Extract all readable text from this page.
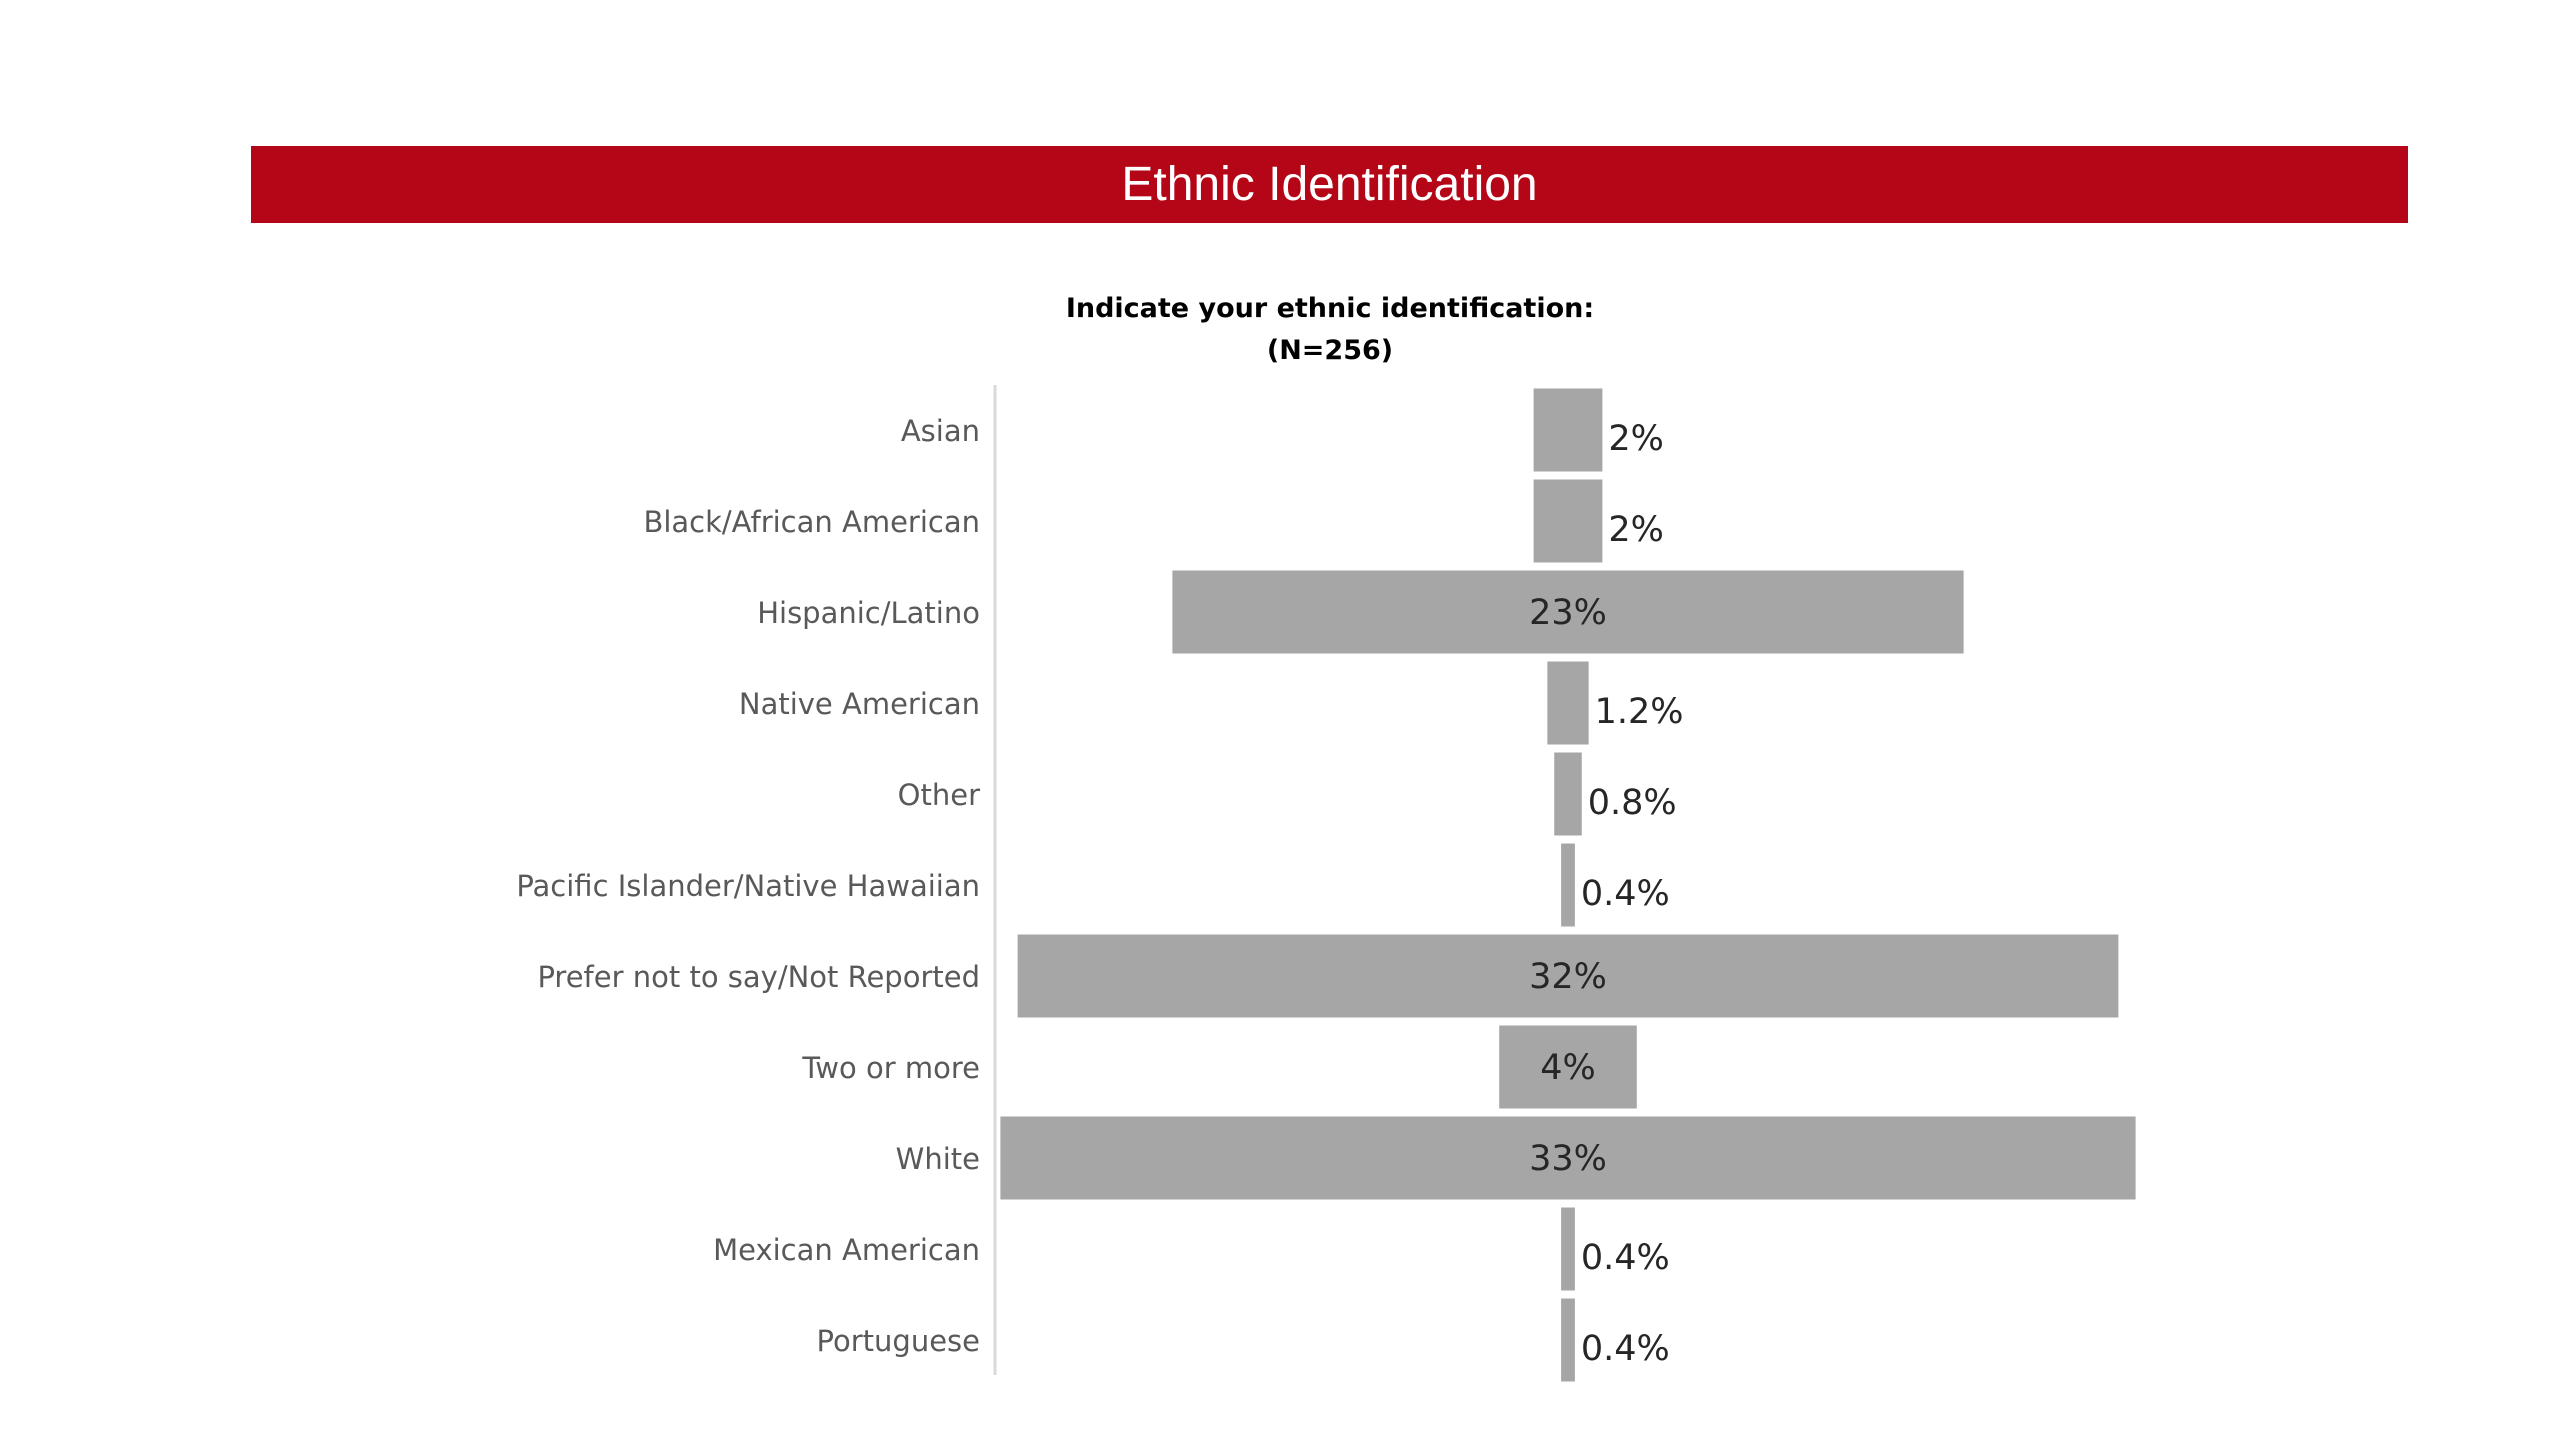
Ethnic Identification
Indicate your ethnic identification:
(N=256)
Asian	2%
Black/African American	2%
Hispanic/Latino	23%
Native American	1.2%
Other	0.8%
Pacific Islander/Native Hawaiian	0.4%
Prefer not to say/Not Reported	32%
Two or more	4%
White	33%
Mexican American	0.4%
Portuguese	0.4%
